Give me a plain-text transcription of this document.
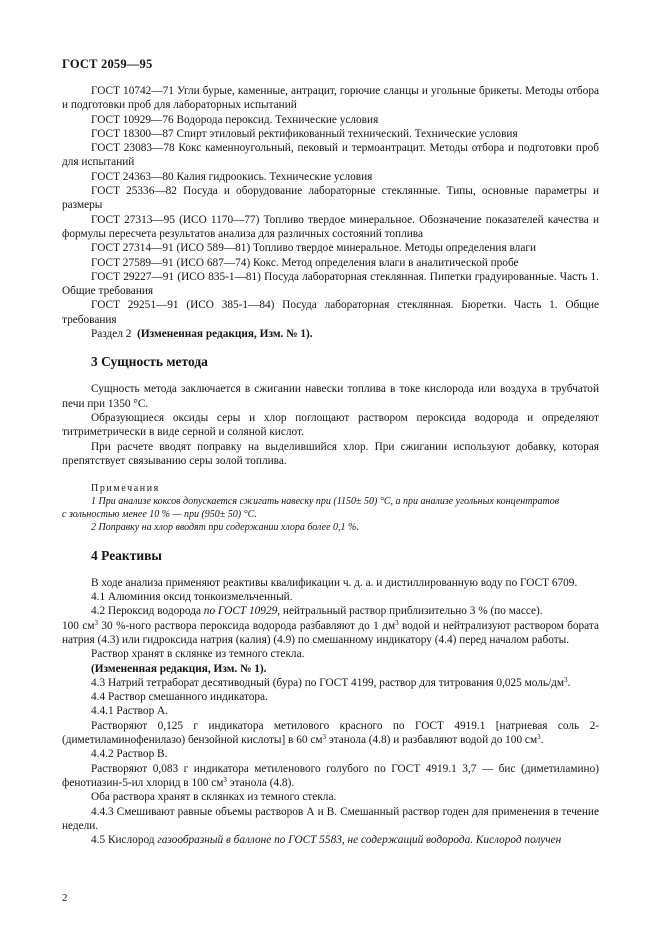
ГОСТ 2059—95

ГОСТ 10742—71 Угли бурые, каменные, антрацит, горючие сланцы и угольные брикеты. Методы отбора и подготовки проб для лабораторных испытаний

ГОСТ 10929—76 Водорода пероксид. Технические условия

ГОСТ 18300—87 Спирт этиловый ректификованный технический. Технические условия

ГОСТ 23083—78 Кокс каменноугольный, пековый и термоантрацит. Методы отбора и подготовки проб для испытаний

ГОСТ 24363—80 Калия гидроокись. Технические условия

ГОСТ 25336—82 Посуда и оборудование лабораторные стеклянные. Типы, основные параметры и размеры

ГОСТ 27313—95 (ИСО 1170—77) Топливо твердое минеральное. Обозначение показателей качества и формулы пересчета результатов анализа для различных состояний топлива

ГОСТ 27314—91 (ИСО 589—81) Топливо твердое минеральное. Методы определения влаги

ГОСТ 27589—91 (ИСО 687—74) Кокс. Метод определения влаги в аналитической пробе

ГОСТ 29227—91 (ИСО 835-1—81) Посуда лабораторная стеклянная. Пипетки градуированные. Часть 1. Общие требования

ГОСТ 29251—91 (ИСО 385-1—84) Посуда лабораторная стеклянная. Бюретки. Часть 1. Общие требования

Раздел 2 (Измененная редакция, Изм. № 1).

3 Сущность метода

Сущность метода заключается в сжигании навески топлива в токе кислорода или воздуха в трубчатой печи при 1350 °С.

Образующиеся оксиды серы и хлор поглощают раствором пероксида водорода и определяют титриметрически в виде серной и соляной кислот.

При расчете вводят поправку на выделившийся хлор. При сжигании используют добавку, которая препятствует связыванию серы золой топлива.

Примечания
1 При анализе коксов допускается сжигать навеску при (1150± 50) °С, а при анализе угольных концентратов
с зольностью менее 10 % — при (950± 50) °С.
2 Поправку на хлор вводят при содержании хлора более 0,1 %.
4 Реактивы

В ходе анализа применяют реактивы квалификации ч. д. а. и дистиллированную воду по ГОСТ 6709.

4.1 Алюминия оксид тонкоизмельченный.

4.2 Пероксид водорода по ГОСТ 10929, нейтральный раствор приблизительно 3 % (по массе).

100 $см^3$ 30 %-ного раствора пероксида водорода разбавляют до 1 $дм^3$ водой и нейтрализуют раствором бората натрия (4.3) или гидроксида натрия (калия) (4.9) по смешанному индикатору (4.4) перед началом работы.

Раствор хранят в склянке из темного стекла.

(Измененная редакция, Изм. № 1).

4.3 Натрий тетраборат десятиводный (бура) по ГОСТ 4199, раствор для титрования 0,025 моль/$дм^3$.

4.4 Раствор смешанного индикатора.

4.4.1 Раствор А.

Растворяют 0,125 г индикатора метилового красного по ГОСТ 4919.1 [натриевая соль 2-(диметиламинофенилазо) бензойной кислоты] в 60 $см^3$ этанола (4.8) и разбавляют водой до 100 $см^3$.

4.4.2 Раствор В.

Растворяют 0,083 г индикатора метиленового голубого по ГОСТ 4919.1 3,7 — бис (диметиламино) фенотиазин-5-ил хлорид в 100 $см^3$ этанола (4.8).

Оба раствора хранят в склянках из темного стекла.

4.4.3 Смешивают равные объемы растворов А и В. Смешанный раствор годен для применения в течение недели.

4.5 Кислород газообразный в баллоне по ГОСТ 5583, не содержащий водорода. Кислород получен

2
